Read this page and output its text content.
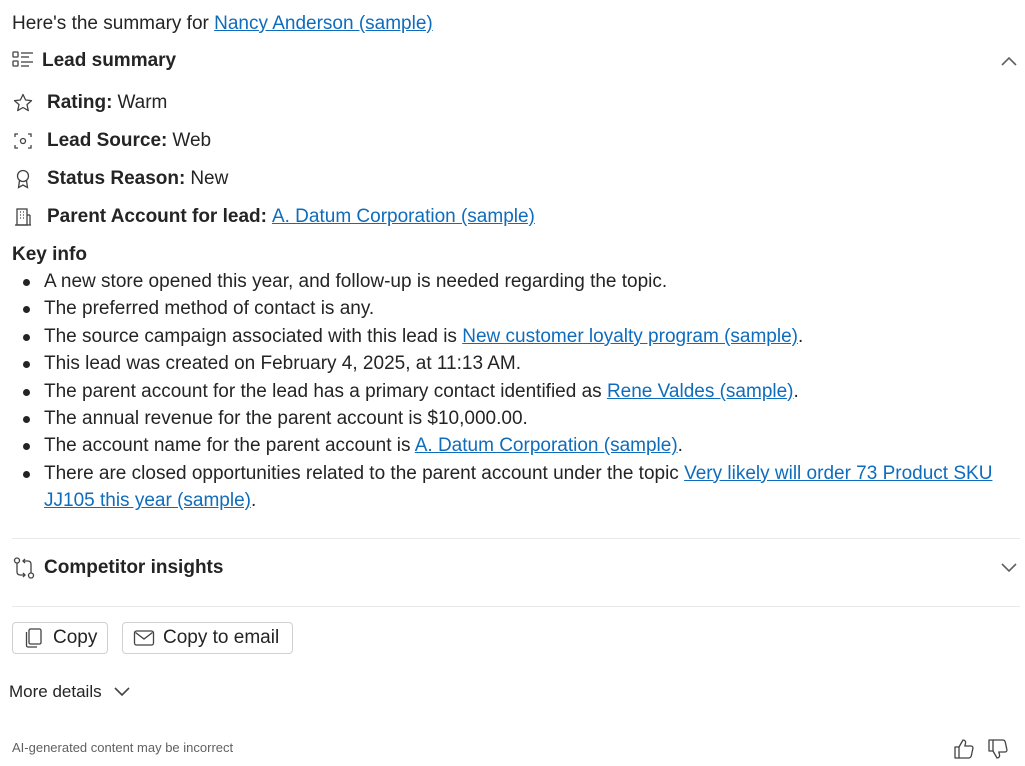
Here's the summary for Nancy Anderson (sample)
Lead summary
Rating: Warm
Lead Source: Web
Status Reason: New
Parent Account for lead: A. Datum Corporation (sample)
Key info
A new store opened this year, and follow-up is needed regarding the topic.
The preferred method of contact is any.
The source campaign associated with this lead is New customer loyalty program (sample).
This lead was created on February 4, 2025, at 11:13 AM.
The parent account for the lead has a primary contact identified as Rene Valdes (sample).
The annual revenue for the parent account is $10,000.00.
The account name for the parent account is A. Datum Corporation (sample).
There are closed opportunities related to the parent account under the topic Very likely will order 73 Product SKU JJ105 this year (sample).
Competitor insights
Copy	Copy to email
More details
AI-generated content may be incorrect
